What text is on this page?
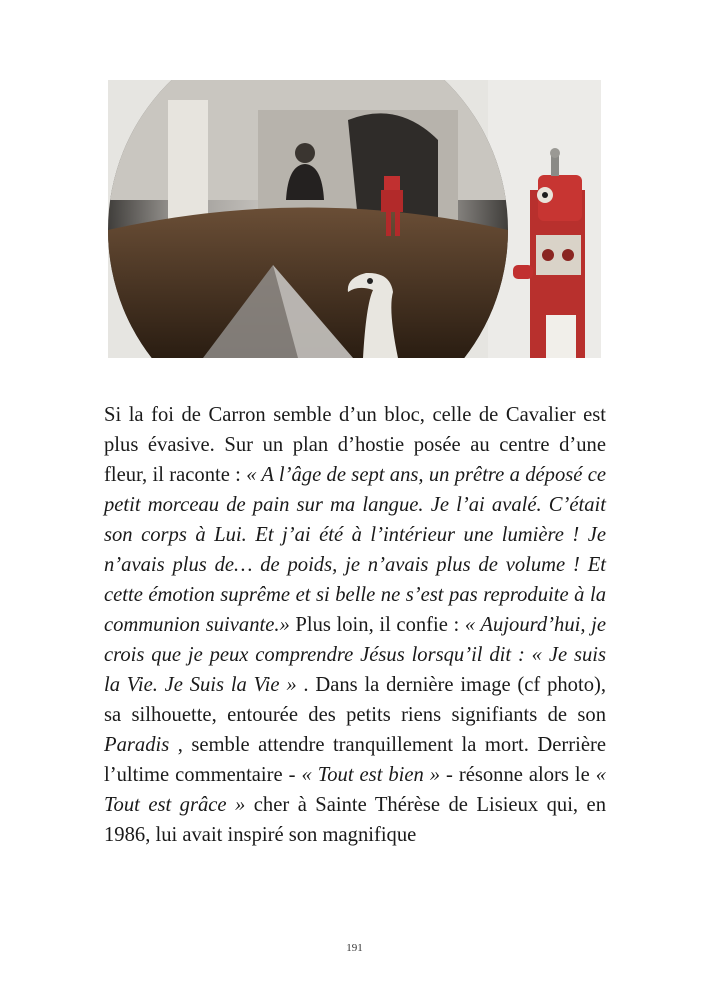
Si la foi de Carron semble d’un bloc, celle de Cavalier est plus évasive. Sur un plan d’hostie posée au centre d’une fleur, il raconte : « A l’âge de sept ans, un prêtre a déposé ce petit morceau de pain sur ma langue. Je l’ai avalé. C’était son corps à Lui. Et j’ai été à l’intérieur une lumière ! Je n’avais plus de… de poids, je n’avais plus de volume ! Et cette émotion suprême et si belle ne s’est pas reproduite à la communion suivante.» Plus loin, il confie : « Aujourd’hui, je crois que je peux comprendre Jésus lorsqu’il dit : « Je suis la Vie. Je Suis la Vie » . Dans la dernière image (cf photo), sa silhouette, entourée des petits riens signifiants de son Paradis , semble attendre tranquillement la mort. Derrière l’ultime commentaire - « Tout est bien » - résonne alors le « Tout est grâce » cher à Sainte Thérèse de Lisieux qui, en 1986, lui avait inspiré son magnifique

191
